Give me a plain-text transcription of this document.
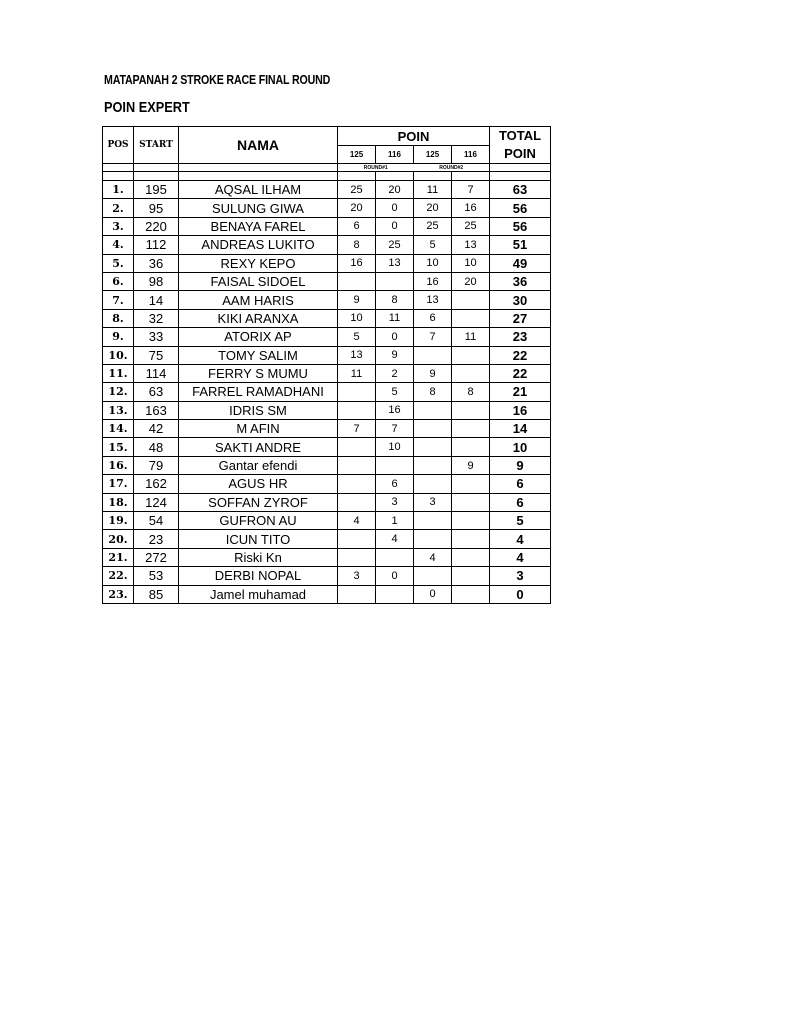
MATAPANAH 2 STROKE RACE FINAL ROUND
POIN EXPERT
POS	START	NAMA	POIN				TOTAL
POIN
			125	116	125	116	
			ROUND#1		ROUND#2		

1.	195	AQSAL ILHAM	25	20	11	7	63
2.	95	SULUNG GIWA	20	0	20	16	56
3.	220	BENAYA FAREL	6	0	25	25	56
4.	112	ANDREAS LUKITO	8	25	5	13	51
5.	36	REXY KEPO	16	13	10	10	49
6.	98	FAISAL SIDOEL			16	20	36
7.	14	AAM HARIS	9	8	13		30
8.	32	KIKI ARANXA	10	11	6		27
9.	33	ATORIX AP	5	0	7	11	23
10.	75	TOMY SALIM	13	9			22
11.	114	FERRY S MUMU	11	2	9		22
12.	63	FARREL RAMADHANI		5	8	8	21
13.	163	IDRIS SM		16			16
14.	42	M AFIN	7	7			14
15.	48	SAKTI ANDRE		10			10
16.	79	Gantar efendi				9	9
17.	162	AGUS HR		6			6
18.	124	SOFFAN ZYROF		3	3		6
19.	54	GUFRON AU	4	1			5
20.	23	ICUN TITO		4			4
21.	272	Riski Kn			4		4
22.	53	DERBI NOPAL	3	0			3
23.	85	Jamel muhamad			0		0
